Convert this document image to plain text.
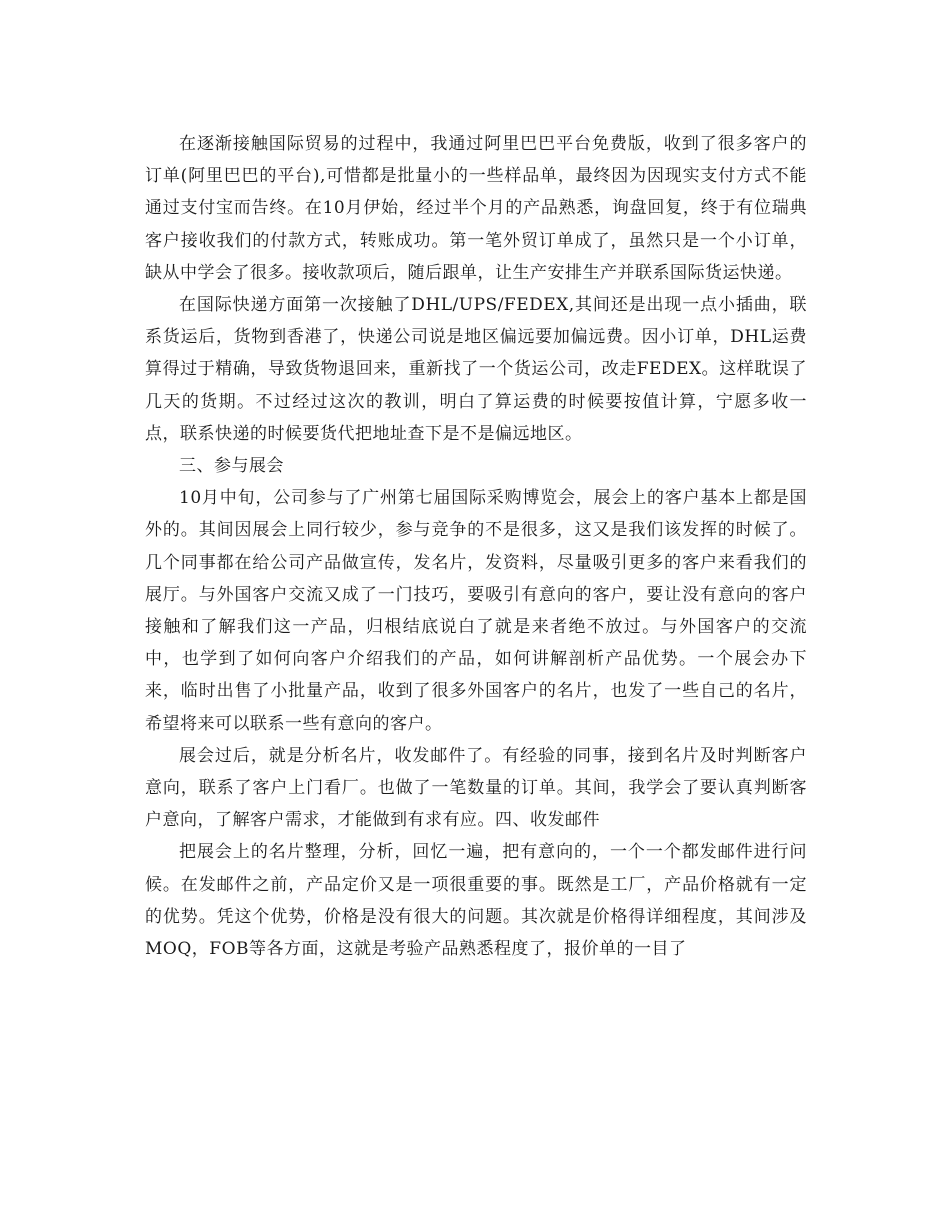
在逐渐接触国际贸易的过程中，我通过阿里巴巴平台免费版，收到了很多客户的订单(阿里巴巴的平台),可惜都是批量小的一些样品单，最终因为因现实支付方式不能通过支付宝而告终。在10月伊始，经过半个月的产品熟悉，询盘回复，终于有位瑞典客户接收我们的付款方式，转账成功。第一笔外贸订单成了，虽然只是一个小订单，缺从中学会了很多。接收款项后，随后跟单，让生产安排生产并联系国际货运快递。

在国际快递方面第一次接触了DHL/UPS/FEDEX,其间还是出现一点小插曲，联系货运后，货物到香港了，快递公司说是地区偏远要加偏远费。因小订单，DHL运费算得过于精确，导致货物退回来，重新找了一个货运公司，改走FEDEX。这样耽误了几天的货期。不过经过这次的教训，明白了算运费的时候要按值计算，宁愿多收一点，联系快递的时候要货代把地址查下是不是偏远地区。

三、参与展会

10月中旬，公司参与了广州第七届国际采购博览会，展会上的客户基本上都是国外的。其间因展会上同行较少，参与竞争的不是很多，这又是我们该发挥的时候了。几个同事都在给公司产品做宣传，发名片，发资料，尽量吸引更多的客户来看我们的展厅。与外国客户交流又成了一门技巧，要吸引有意向的客户，要让没有意向的客户接触和了解我们这一产品，归根结底说白了就是来者绝不放过。与外国客户的交流中，也学到了如何向客户介绍我们的产品，如何讲解剖析产品优势。一个展会办下来，临时出售了小批量产品，收到了很多外国客户的名片，也发了一些自己的名片，希望将来可以联系一些有意向的客户。

展会过后，就是分析名片，收发邮件了。有经验的同事，接到名片及时判断客户意向，联系了客户上门看厂。也做了一笔数量的订单。其间，我学会了要认真判断客户意向，了解客户需求，才能做到有求有应。四、收发邮件

把展会上的名片整理，分析，回忆一遍，把有意向的，一个一个都发邮件进行问候。在发邮件之前，产品定价又是一项很重要的事。既然是工厂，产品价格就有一定的优势。凭这个优势，价格是没有很大的问题。其次就是价格得详细程度，其间涉及MOQ，FOB等各方面，这就是考验产品熟悉程度了，报价单的一目了
